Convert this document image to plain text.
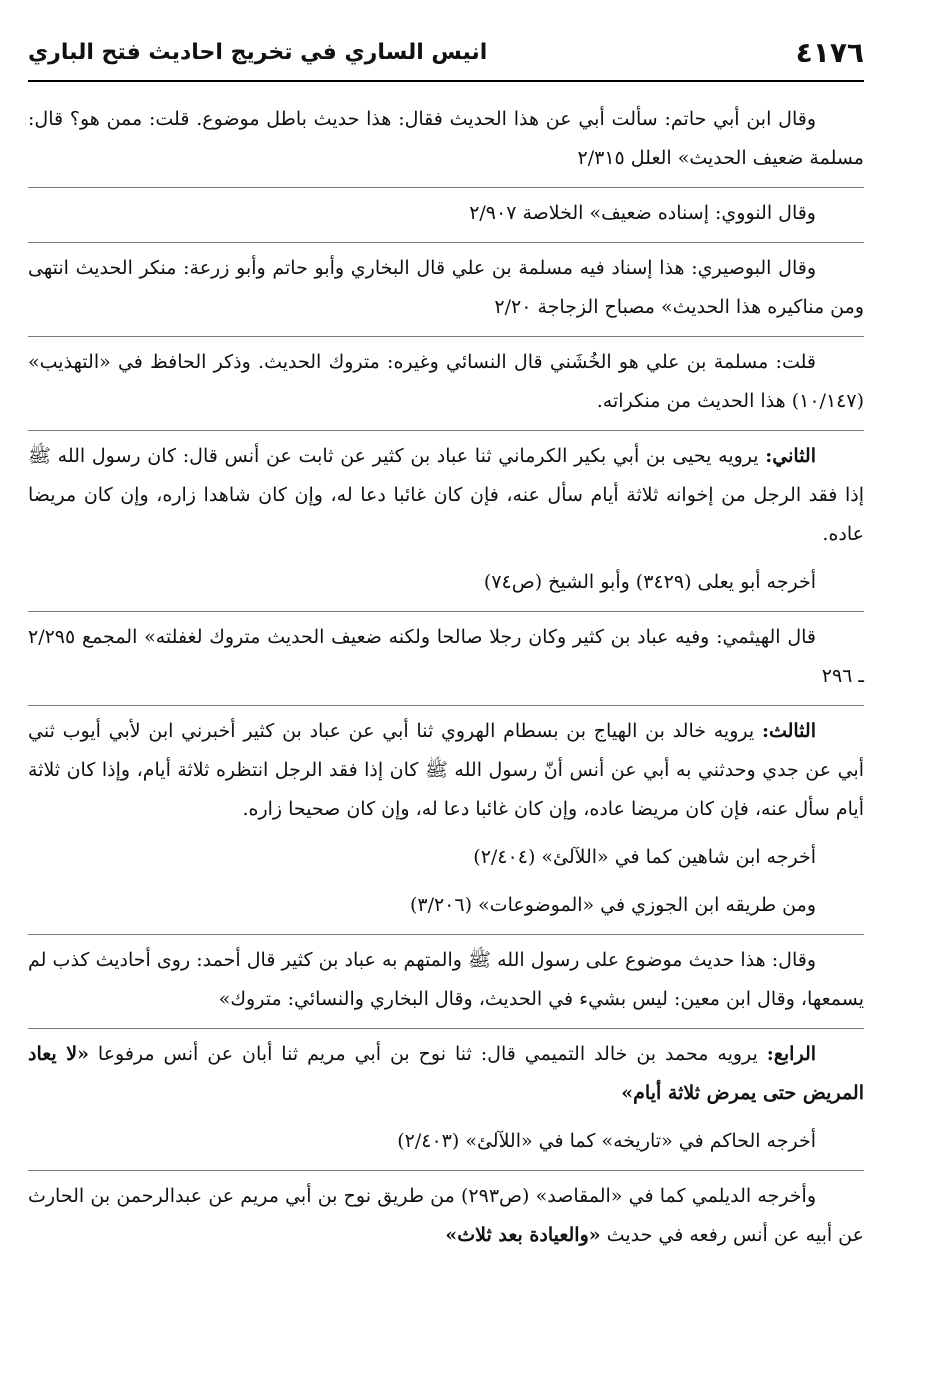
٤١٧٦
انيس الساري في تخريج احاديث فتح الباري

وقال ابن أبي حاتم: سألت أبي عن هذا الحديث فقال: هذا حديث باطل موضوع. قلت: ممن هو؟ قال: مسلمة ضعيف الحديث» العلل ٢/٣١٥

وقال النووي: إسناده ضعيف» الخلاصة ٢/٩٠٧

وقال البوصيري: هذا إسناد فيه مسلمة بن علي قال البخاري وأبو حاتم وأبو زرعة: منكر الحديث انتهى ومن مناكيره هذا الحديث» مصباح الزجاجة ٢/٢٠

قلت: مسلمة بن علي هو الخُشَني قال النسائي وغيره: متروك الحديث. وذكر الحافظ في «التهذيب» (١٠/١٤٧) هذا الحديث من منكراته.

الثاني: يرويه يحيى بن أبي بكير الكرماني ثنا عباد بن كثير عن ثابت عن أنس قال: كان رسول الله ﷺ إذا فقد الرجل من إخوانه ثلاثة أيام سأل عنه، فإن كان غائبا دعا له، وإن كان شاهدا زاره، وإن كان مريضا عاده.

أخرجه أبو يعلى (٣٤٢٩) وأبو الشيخ (ص٧٤)

قال الهيثمي: وفيه عباد بن كثير وكان رجلا صالحا ولكنه ضعيف الحديث متروك لغفلته» المجمع ٢/٢٩٥ ـ ٢٩٦

الثالث: يرويه خالد بن الهياج بن بسطام الهروي ثنا أبي عن عباد بن كثير أخبرني ابن لأبي أيوب ثني أبي عن جدي وحدثني به أبي عن أنس أنّ رسول الله ﷺ كان إذا فقد الرجل انتظره ثلاثة أيام، وإذا كان ثلاثة أيام سأل عنه، فإن كان مريضا عاده، وإن كان غائبا دعا له، وإن كان صحيحا زاره.

أخرجه ابن شاهين كما في «اللآلئ» (٢/٤٠٤)

ومن طريقه ابن الجوزي في «الموضوعات» (٣/٢٠٦)

وقال: هذا حديث موضوع على رسول الله ﷺ والمتهم به عباد بن كثير قال أحمد: روى أحاديث كذب لم يسمعها، وقال ابن معين: ليس بشيء في الحديث، وقال البخاري والنسائي: متروك»

الرابع: يرويه محمد بن خالد التميمي قال: ثنا نوح بن أبي مريم ثنا أبان عن أنس مرفوعا «لا يعاد المريض حتى يمرض ثلاثة أيام»

أخرجه الحاكم في «تاريخه» كما في «اللآلئ» (٢/٤٠٣)

وأخرجه الديلمي كما في «المقاصد» (ص٢٩٣) من طريق نوح بن أبي مريم عن عبدالرحمن بن الحارث عن أبيه عن أنس رفعه في حديث «والعيادة بعد ثلاث»
